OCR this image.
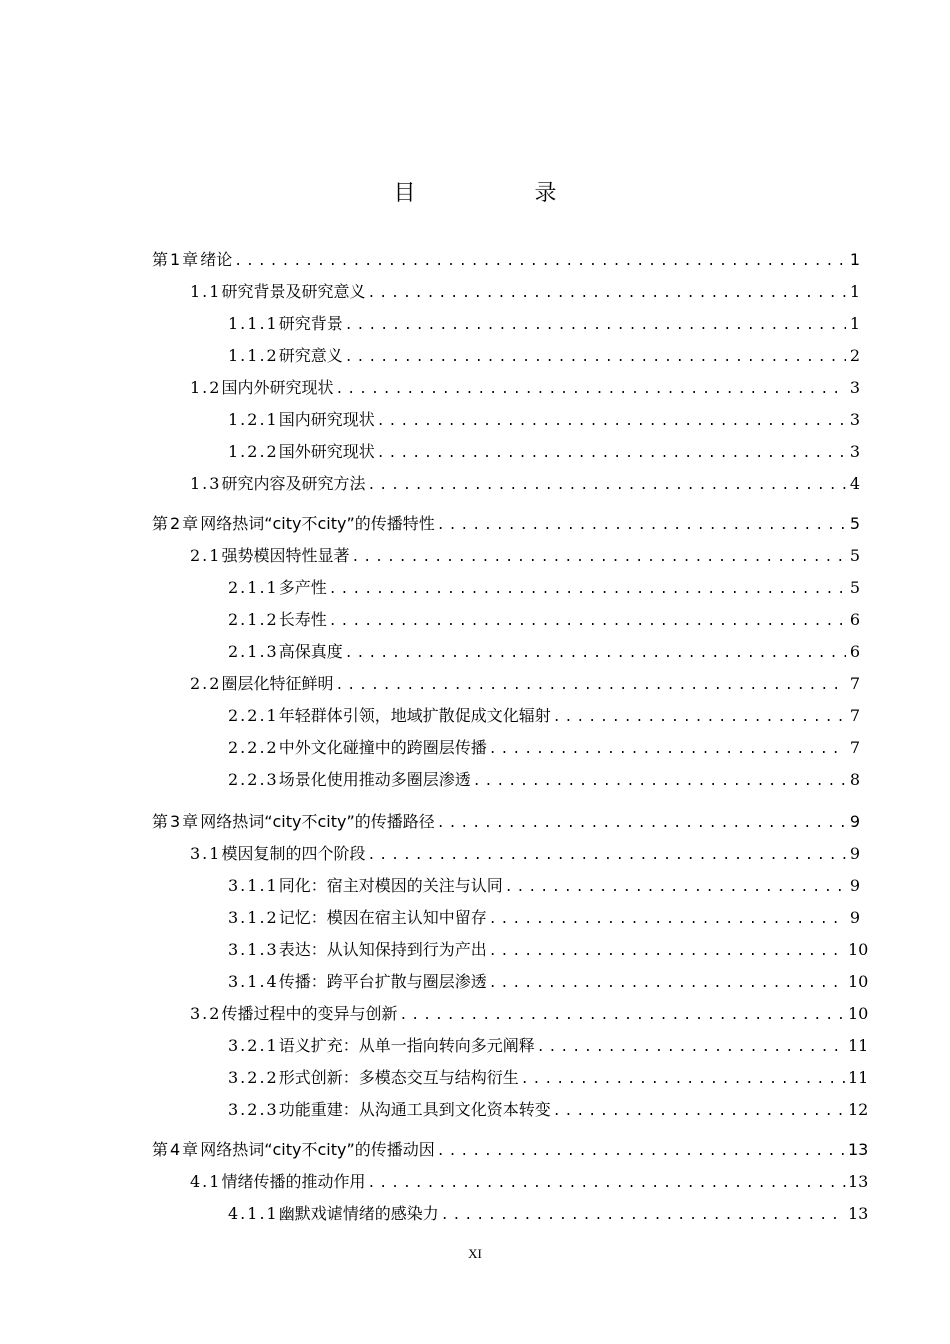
目 录
第1章 绪论 .....	1
1.1 研究背景及研究意义 .....	1
1.1.1 研究背景 .....	1
1.1.2 研究意义 .....	2
1.2 国内外研究现状 .....	3
1.2.1 国内研究现状 .....	3
1.2.2 国外研究现状 .....	3
1.3 研究内容及研究方法 .....	4
第2章 网络热词“city不city”的传播特性 .....	5
2.1 强势模因特性显著 .....	5
2.1.1 多产性 .....	5
2.1.2 长寿性 .....	6
2.1.3 高保真度 .....	6
2.2 圈层化特征鲜明 .....	7
2.2.1 年轻群体引领，地域扩散促成文化辐射 .....	7
2.2.2 中外文化碰撞中的跨圈层传播 .....	7
2.2.3 场景化使用推动多圈层渗透 .....	8
第3章 网络热词“city不city”的传播路径 .....	9
3.1 模因复制的四个阶段 .....	9
3.1.1 同化：宿主对模因的关注与认同 .....	9
3.1.2 记忆：模因在宿主认知中留存 .....	9
3.1.3 表达：从认知保持到行为产出 .....	10
3.1.4 传播：跨平台扩散与圈层渗透 .....	10
3.2 传播过程中的变异与创新 .....	10
3.2.1 语义扩充：从单一指向转向多元阐释 .....	11
3.2.2 形式创新：多模态交互与结构衍生 .....	11
3.2.3 功能重建：从沟通工具到文化资本转变 .....	12
第4章 网络热词“city不city”的传播动因 .....	13
4.1 情绪传播的推动作用 .....	13
4.1.1 幽默戏谑情绪的感染力 .....	13
XI
